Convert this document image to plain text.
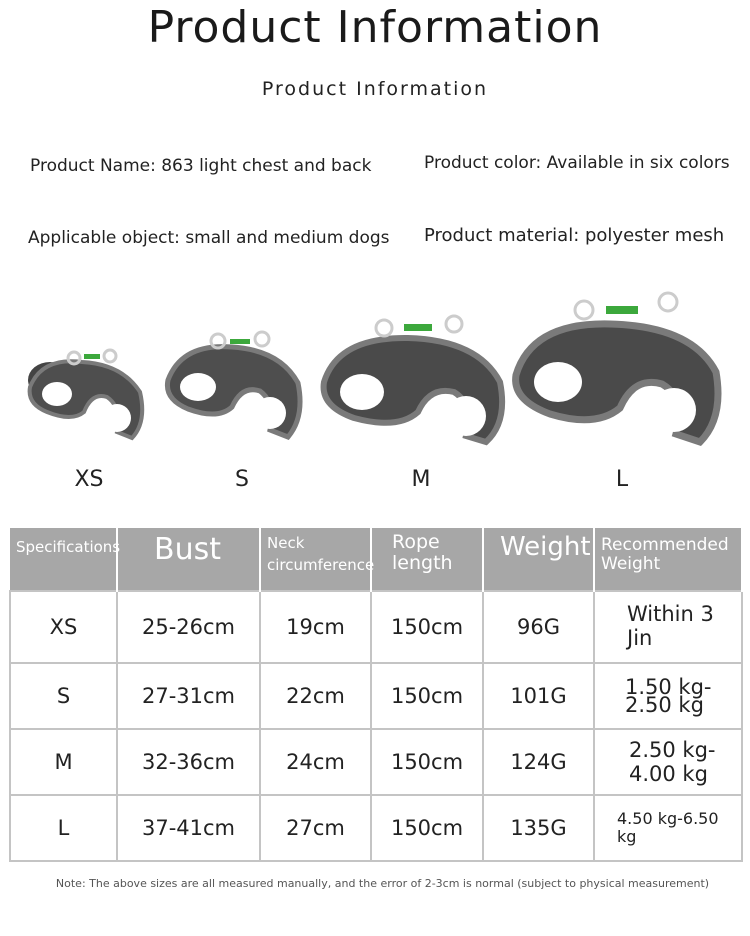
Product Information
Product Information
Product Name: 863 light chest and back	Product color: Available in six colors
Applicable object: small and medium dogs Product material: polyester mesh
XS	S	M	L
Specifications	Bust	Neck circumference	Rope length	Weight	Recommended Weight
XS	25-26cm	19cm	150cm	96G	Within 3 Jin
S	27-31cm	22cm	150cm	101G	1.50 kg-2.50 kg
M	32-36cm	24cm	150cm	124G	2.50 kg-4.00 kg
L	37-41cm	27cm	150cm	135G	4.50 kg-6.50 kg
Note: The above sizes are all measured manually, and the error of 2-3cm is normal (subject to physical measurement)
